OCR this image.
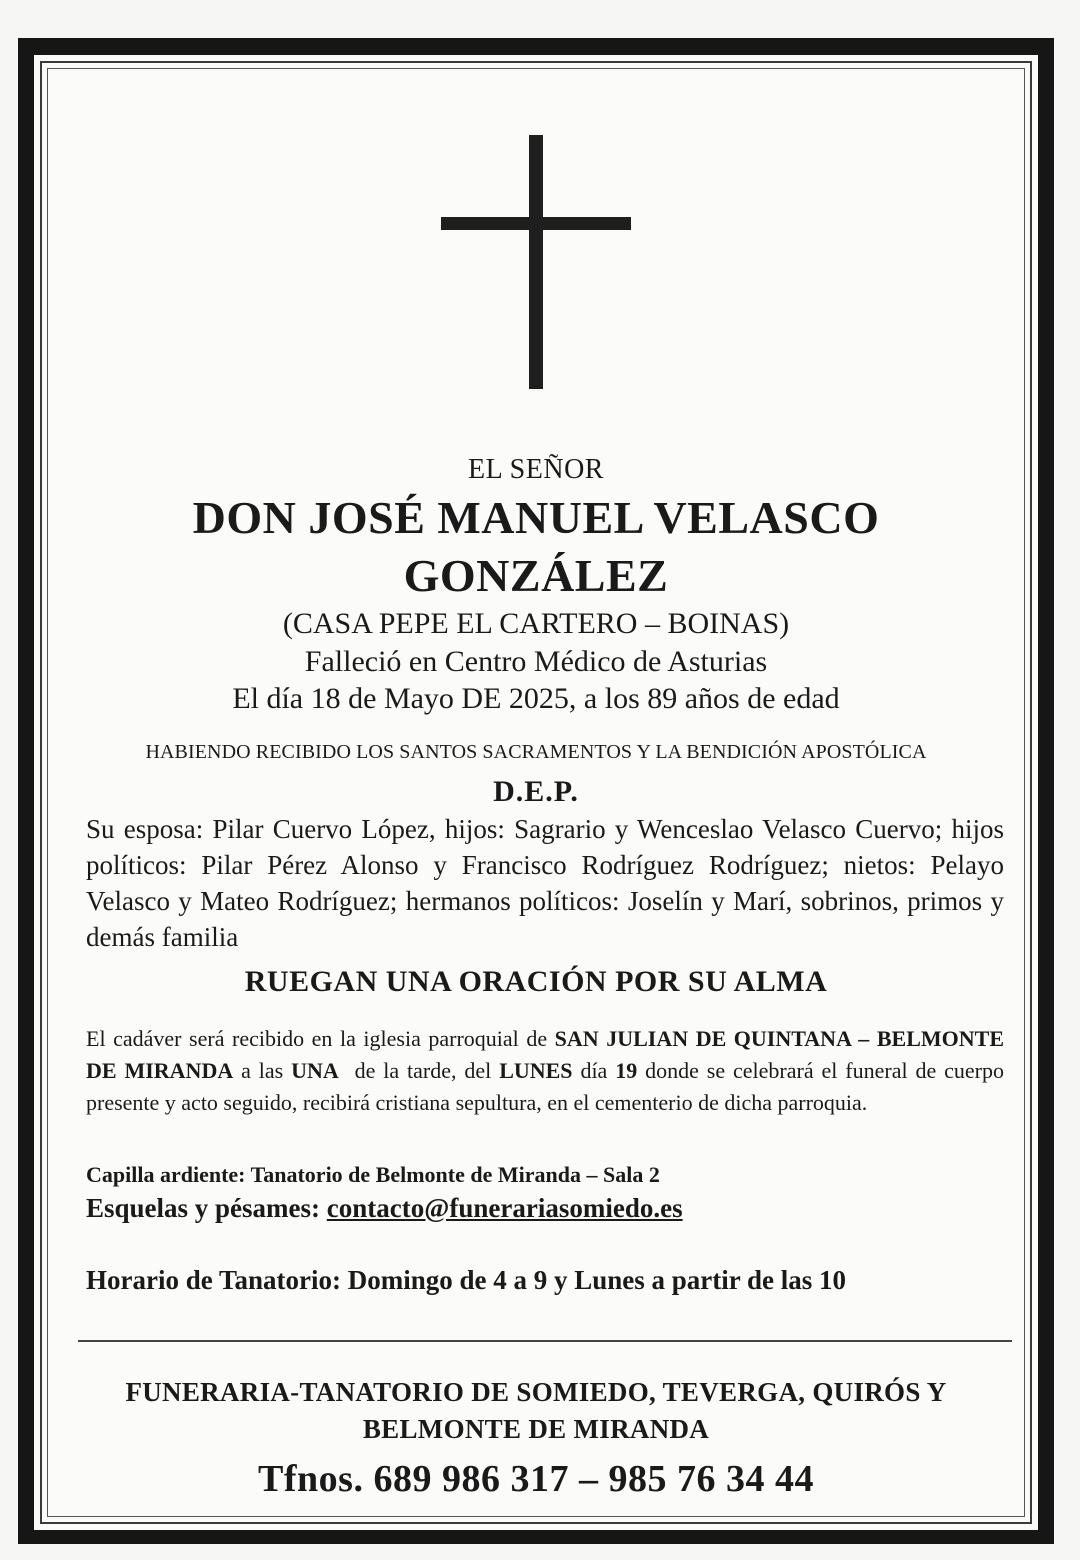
EL SEÑOR
DON JOSÉ MANUEL VELASCO
GONZÁLEZ
(CASA PEPE EL CARTERO – BOINAS)
Falleció en Centro Médico de Asturias
El día 18 de Mayo DE 2025, a los 89 años de edad
HABIENDO RECIBIDO LOS SANTOS SACRAMENTOS Y LA BENDICIÓN APOSTÓLICA
D.E.P.
Su esposa: Pilar Cuervo López, hijos: Sagrario y Wenceslao Velasco Cuervo; hijos políticos: Pilar Pérez Alonso y Francisco Rodríguez Rodríguez; nietos: Pelayo Velasco y Mateo Rodríguez; hermanos políticos: Joselín y Marí, sobrinos, primos y demás familia
RUEGAN UNA ORACIÓN POR SU ALMA
El cadáver será recibido en la iglesia parroquial de SAN JULIAN DE QUINTANA – BELMONTE DE MIRANDA a las UNA  de la tarde, del LUNES día 19 donde se celebrará el funeral de cuerpo presente y acto seguido, recibirá cristiana sepultura, en el cementerio de dicha parroquia.
Capilla ardiente: Tanatorio de Belmonte de Miranda – Sala 2
Esquelas y pésames: contacto@funerariasomiedo.es
Horario de Tanatorio: Domingo de 4 a 9 y Lunes a partir de las 10
FUNERARIA-TANATORIO DE SOMIEDO, TEVERGA, QUIRÓS Y
BELMONTE DE MIRANDA
Tfnos. 689 986 317 – 985 76 34 44
